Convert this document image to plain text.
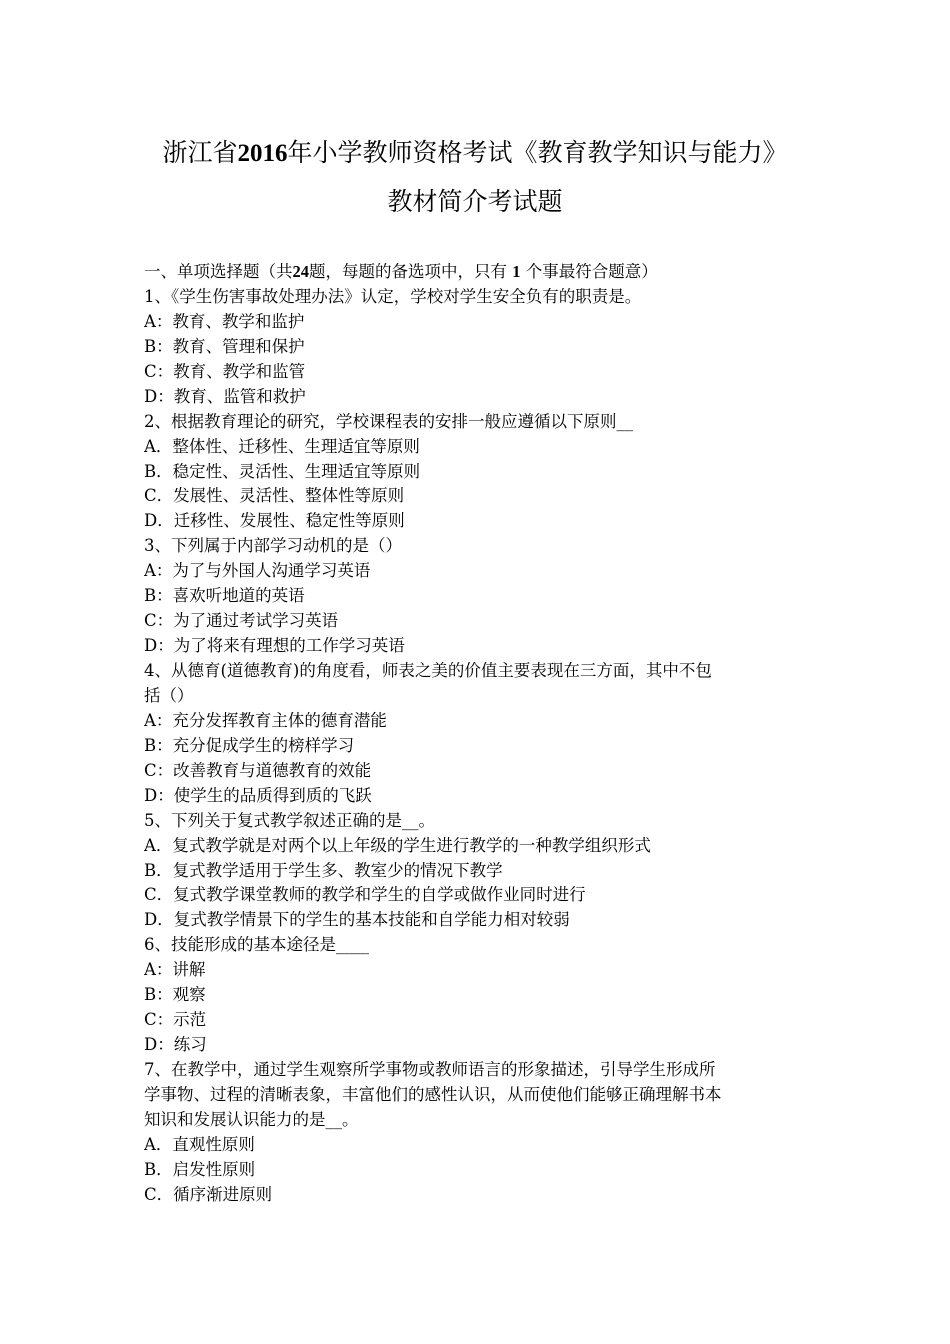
浙江省2016年小学教师资格考试《教育教学知识与能力》
教材简介考试题
一、单项选择题（共24题，每题的备选项中，只有 1 个事最符合题意）
1、《学生伤害事故处理办法》认定，学校对学生安全负有的职责是。
A：教育、教学和监护
B：教育、管理和保护
C：教育、教学和监管
D：教育、监管和救护
2、根据教育理论的研究，学校课程表的安排一般应遵循以下原则__
A．整体性、迁移性、生理适宜等原则
B．稳定性、灵活性、生理适宜等原则
C．发展性、灵活性、整体性等原则
D．迁移性、发展性、稳定性等原则
3、下列属于内部学习动机的是（）
A：为了与外国人沟通学习英语
B：喜欢听地道的英语
C：为了通过考试学习英语
D：为了将来有理想的工作学习英语
4、从德育(道德教育)的角度看，师表之美的价值主要表现在三方面，其中不包
括（）
A：充分发挥教育主体的德育潜能
B：充分促成学生的榜样学习
C：改善教育与道德教育的效能
D：使学生的品质得到质的飞跃
5、下列关于复式教学叙述正确的是__。
A．复式教学就是对两个以上年级的学生进行教学的一种教学组织形式
B．复式教学适用于学生多、教室少的情况下教学
C．复式教学课堂教师的教学和学生的自学或做作业同时进行
D．复式教学情景下的学生的基本技能和自学能力相对较弱
6、技能形成的基本途径是____
A：讲解
B：观察
C：示范
D：练习
7、在教学中，通过学生观察所学事物或教师语言的形象描述，引导学生形成所
学事物、过程的清晰表象，丰富他们的感性认识，从而使他们能够正确理解书本
知识和发展认识能力的是__。
A．直观性原则
B．启发性原则
C．循序渐进原则
